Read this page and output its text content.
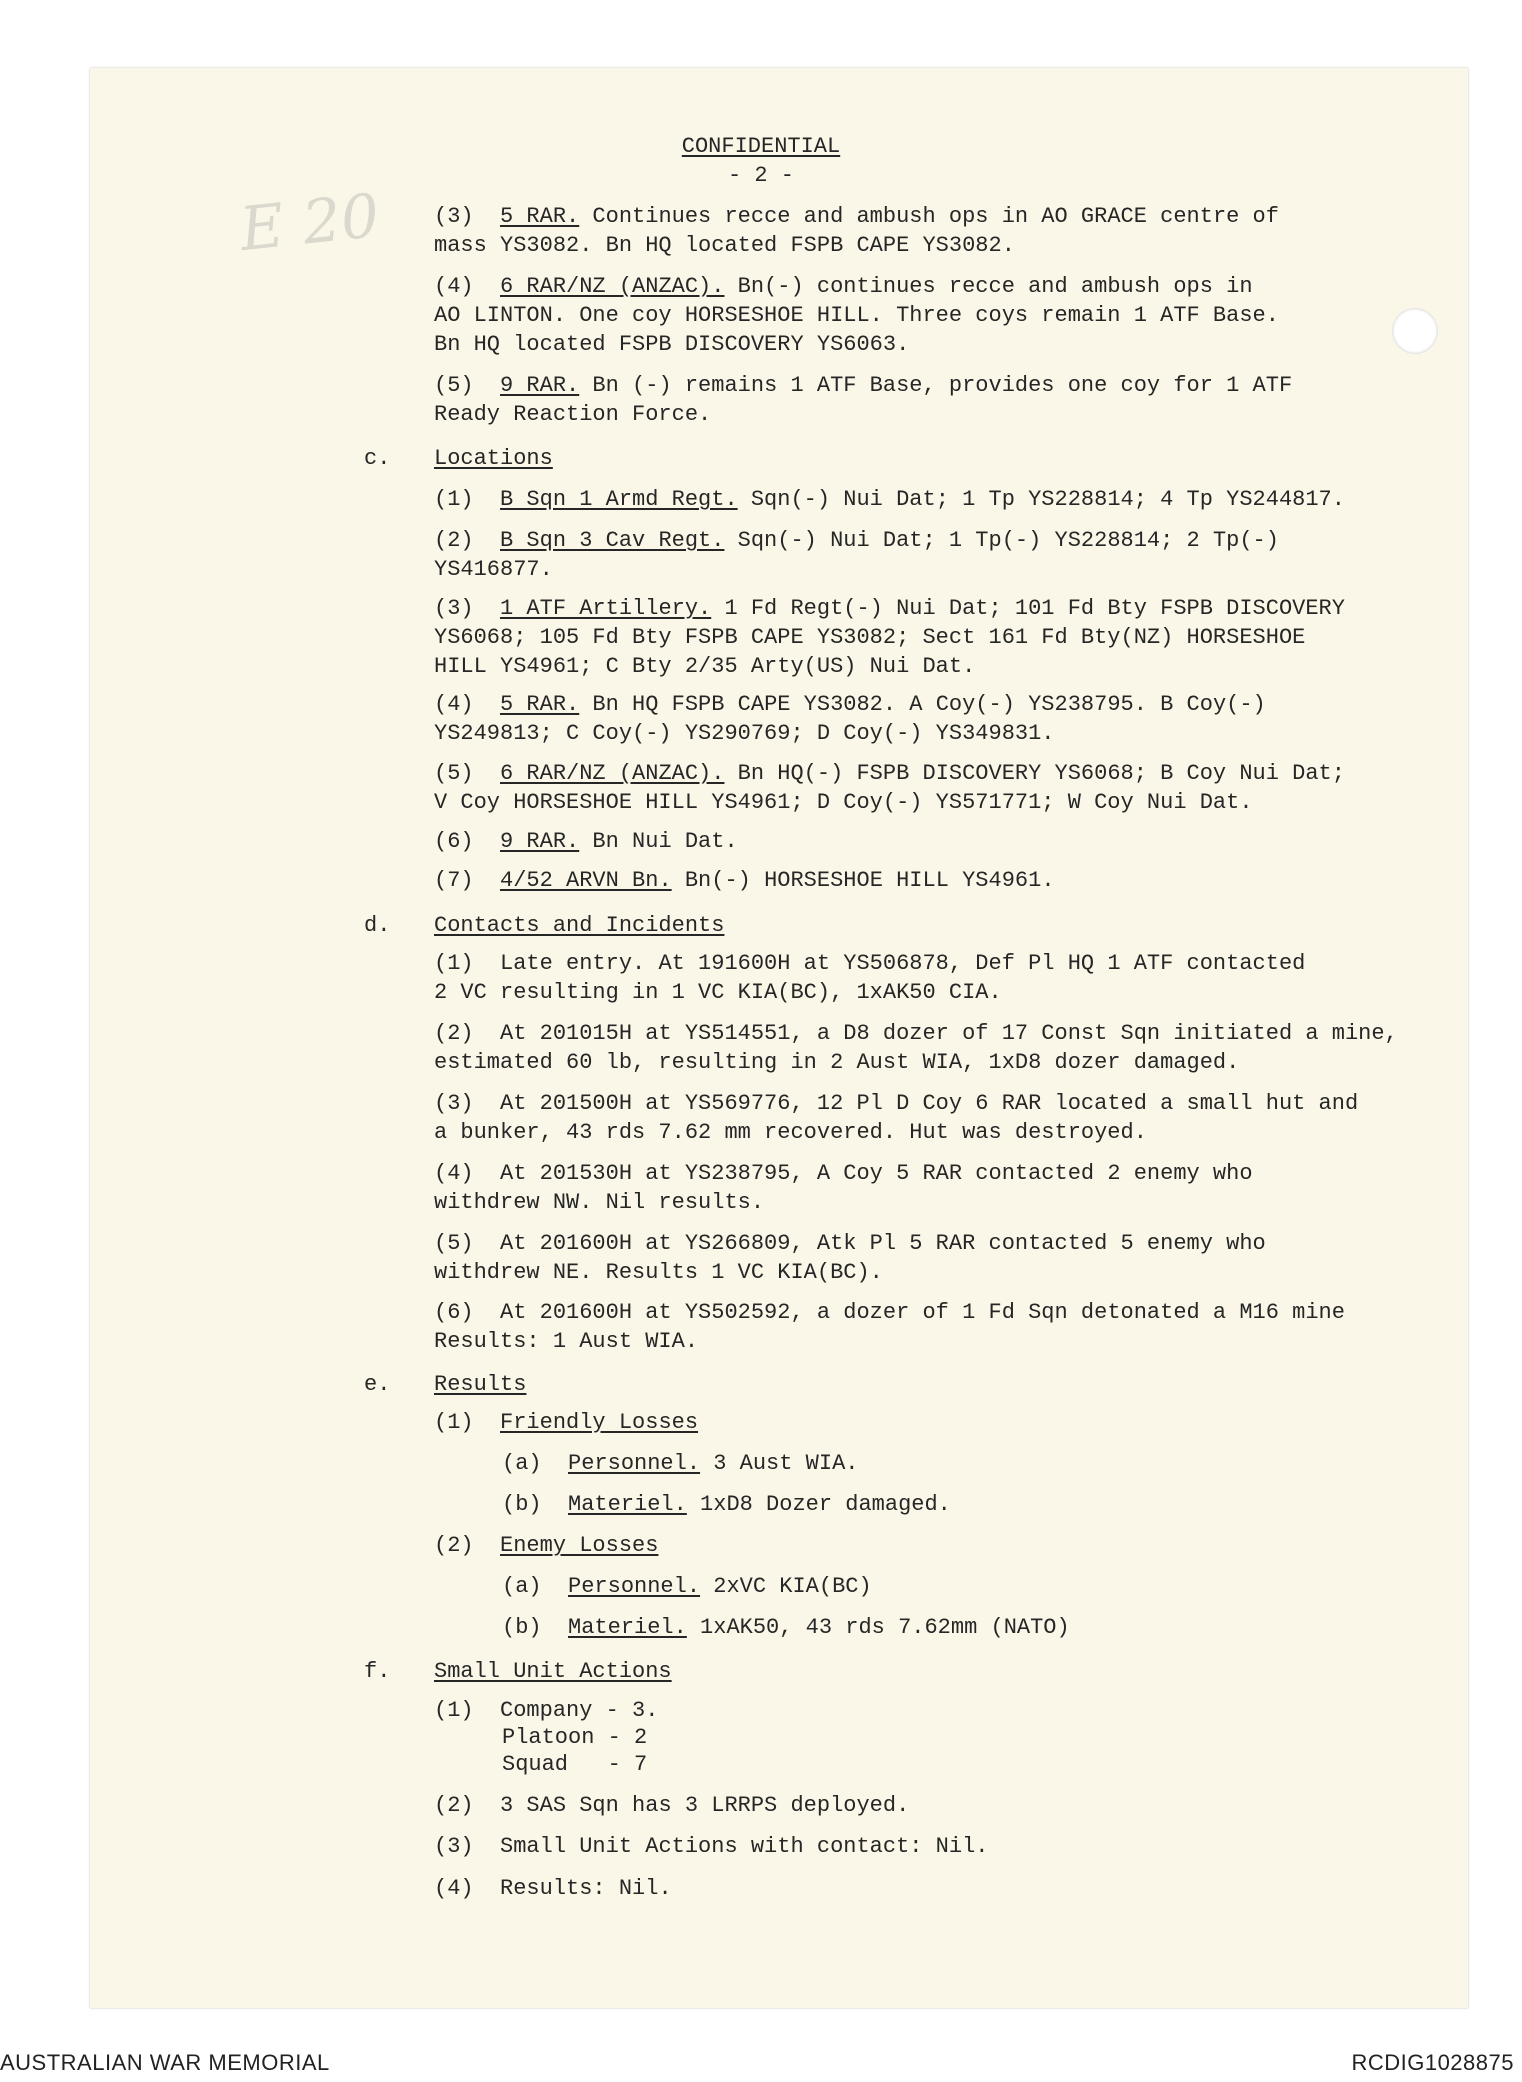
E 20
CONFIDENTIAL
- 2 -
(3) 5 RAR. Continues recce and ambush ops in AO GRACE centre of
mass YS3082. Bn HQ located FSPB CAPE YS3082.
(4) 6 RAR/NZ (ANZAC). Bn(-) continues recce and ambush ops in
AO LINTON. One coy HORSESHOE HILL. Three coys remain 1 ATF Base.
Bn HQ located FSPB DISCOVERY YS6063.
(5) 9 RAR. Bn (-) remains 1 ATF Base, provides one coy for 1 ATF
Ready Reaction Force.
c. Locations
(1) B Sqn 1 Armd Regt. Sqn(-) Nui Dat; 1 Tp YS228814; 4 Tp YS244817.
(2) B Sqn 3 Cav Regt. Sqn(-) Nui Dat; 1 Tp(-) YS228814; 2 Tp(-)
YS416877.
(3) 1 ATF Artillery. 1 Fd Regt(-) Nui Dat; 101 Fd Bty FSPB DISCOVERY
YS6068; 105 Fd Bty FSPB CAPE YS3082; Sect 161 Fd Bty(NZ) HORSESHOE
HILL YS4961; C Bty 2/35 Arty(US) Nui Dat.
(4) 5 RAR. Bn HQ FSPB CAPE YS3082. A Coy(-) YS238795. B Coy(-)
YS249813; C Coy(-) YS290769; D Coy(-) YS349831.
(5) 6 RAR/NZ (ANZAC). Bn HQ(-) FSPB DISCOVERY YS6068; B Coy Nui Dat;
V Coy HORSESHOE HILL YS4961; D Coy(-) YS571771; W Coy Nui Dat.
(6) 9 RAR. Bn Nui Dat.
(7) 4/52 ARVN Bn. Bn(-) HORSESHOE HILL YS4961.
d. Contacts and Incidents
(1) Late entry. At 191600H at YS506878, Def Pl HQ 1 ATF contacted
2 VC resulting in 1 VC KIA(BC), 1xAK50 CIA.
(2) At 201015H at YS514551, a D8 dozer of 17 Const Sqn initiated a mine,
estimated 60 lb, resulting in 2 Aust WIA, 1xD8 dozer damaged.
(3) At 201500H at YS569776, 12 Pl D Coy 6 RAR located a small hut and
a bunker, 43 rds 7.62 mm recovered. Hut was destroyed.
(4) At 201530H at YS238795, A Coy 5 RAR contacted 2 enemy who
withdrew NW. Nil results.
(5) At 201600H at YS266809, Atk Pl 5 RAR contacted 5 enemy who
withdrew NE. Results 1 VC KIA(BC).
(6) At 201600H at YS502592, a dozer of 1 Fd Sqn detonated a M16 mine
Results: 1 Aust WIA.
e. Results
(1) Friendly Losses
(a) Personnel. 3 Aust WIA.
(b) Materiel. 1xD8 Dozer damaged.
(2) Enemy Losses
(a) Personnel. 2xVC KIA(BC)
(b) Materiel. 1xAK50, 43 rds 7.62mm (NATO)
f. Small Unit Actions
(1) Company - 3.
Platoon - 2
Squad   - 7
(2) 3 SAS Sqn has 3 LRRPS deployed.
(3) Small Unit Actions with contact: Nil.
(4) Results: Nil.
AUSTRALIAN WAR MEMORIAL	RCDIG1028875
